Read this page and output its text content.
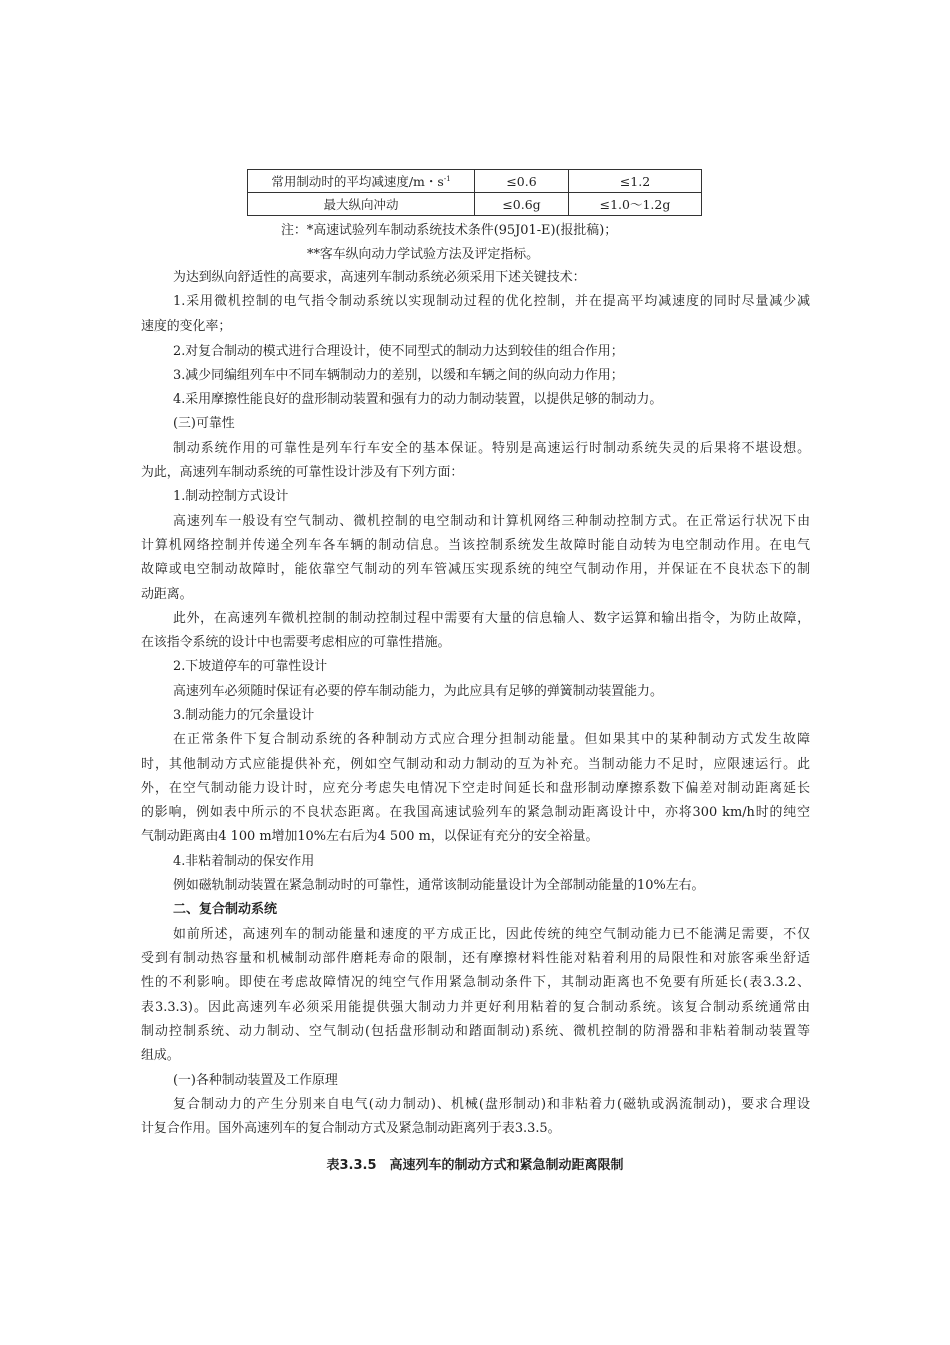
常用制动时的平均减速度/m・$s^{-1}$	≤0.6	≤1.2
最大纵向冲动	≤0.6g	≤1.0～1.2g
注：*高速试验列车制动系统技术条件(95J01-E)(报批稿)；
**客车纵向动力学试验方法及评定指标。
为达到纵向舒适性的高要求，高速列车制动系统必须采用下述关键技术：
1.采用微机控制的电气指令制动系统以实现制动过程的优化控制，并在提高平均减速度的同时尽量减少减
速度的变化率；
2.对复合制动的模式进行合理设计，使不同型式的制动力达到较佳的组合作用；
3.减少同编组列车中不同车辆制动力的差别，以缓和车辆之间的纵向动力作用；
4.采用摩擦性能良好的盘形制动装置和强有力的动力制动装置，以提供足够的制动力。
(三)可靠性
制动系统作用的可靠性是列车行车安全的基本保证。特别是高速运行时制动系统失灵的后果将不堪设想。
为此，高速列车制动系统的可靠性设计涉及有下列方面：
1.制动控制方式设计
高速列车一般设有空气制动、微机控制的电空制动和计算机网络三种制动控制方式。在正常运行状况下由
计算机网络控制并传递全列车各车辆的制动信息。当该控制系统发生故障时能自动转为电空制动作用。在电气
故障或电空制动故障时，能依靠空气制动的列车管减压实现系统的纯空气制动作用，并保证在不良状态下的制
动距离。
此外，在高速列车微机控制的制动控制过程中需要有大量的信息输人、数字运算和输出指令，为防止故障，
在该指令系统的设计中也需要考虑相应的可靠性措施。
2.下坡道停车的可靠性设计
高速列车必须随时保证有必要的停车制动能力，为此应具有足够的弹簧制动装置能力。
3.制动能力的冗余量设计
在正常条件下复合制动系统的各种制动方式应合理分担制动能量。但如果其中的某种制动方式发生故障
时，其他制动方式应能提供补充，例如空气制动和动力制动的互为补充。当制动能力不足时，应限速运行。此
外，在空气制动能力设计时，应充分考虑失电情况下空走时间延长和盘形制动摩擦系数下偏差对制动距离延长
的影响，例如表中所示的不良状态距离。在我国高速试验列车的紧急制动距离设计中，亦将300 km/h时的纯空
气制动距离由4 100 m增加10%左右后为4 500 m，以保证有充分的安全裕量。
4.非粘着制动的保安作用
例如磁轨制动装置在紧急制动时的可靠性，通常该制动能量设计为全部制动能量的10%左右。
二、复合制动系统
如前所述，高速列车的制动能量和速度的平方成正比，因此传统的纯空气制动能力已不能满足需要，不仅
受到有制动热容量和机械制动部件磨耗寿命的限制，还有摩擦材料性能对粘着利用的局限性和对旅客乘坐舒适
性的不利影响。即使在考虑故障情况的纯空气作用紧急制动条件下，其制动距离也不免要有所延长(表3.3.2、
表3.3.3)。因此高速列车必须采用能提供强大制动力并更好利用粘着的复合制动系统。该复合制动系统通常由
制动控制系统、动力制动、空气制动(包括盘形制动和踏面制动)系统、微机控制的防滑器和非粘着制动装置等
组成。
(一)各种制动装置及工作原理
复合制动力的产生分别来自电气(动力制动)、机械(盘形制动)和非粘着力(磁轨或涡流制动)，要求合理设
计复合作用。国外高速列车的复合制动方式及紧急制动距离列于表3.3.5。
表3.3.5　高速列车的制动方式和紧急制动距离限制
